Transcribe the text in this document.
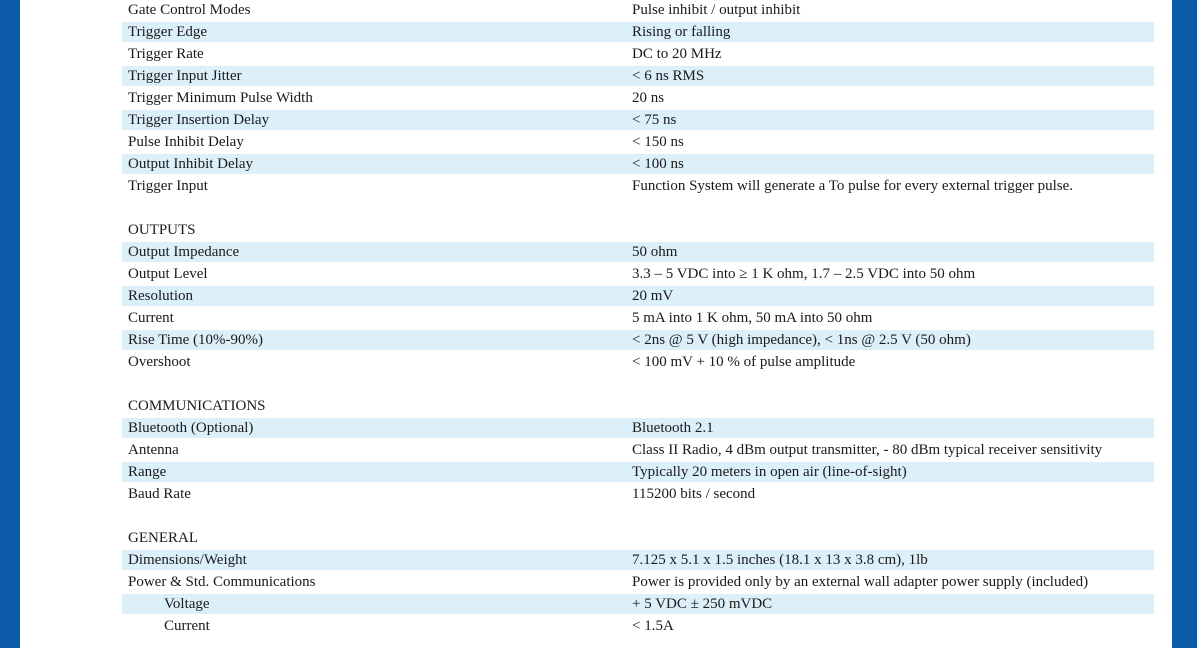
Gate Control Modes	Pulse inhibit / output inhibit
Trigger Edge	Rising or falling
Trigger Rate	DC to 20 MHz
Trigger Input Jitter	< 6 ns RMS
Trigger Minimum Pulse Width	20 ns
Trigger Insertion Delay	< 75 ns
Pulse Inhibit Delay	< 150 ns
Output Inhibit Delay	< 100 ns
Trigger Input	Function System will generate a To pulse for every external trigger pulse.
OUTPUTS
Output Impedance	50 ohm
Output Level	3.3 – 5 VDC into ≥ 1 K ohm, 1.7 – 2.5 VDC into 50 ohm
Resolution	20 mV
Current	5 mA into 1 K ohm, 50 mA into 50 ohm
Rise Time (10%-90%)	< 2ns @ 5 V (high impedance), < 1ns @ 2.5 V (50 ohm)
Overshoot	< 100 mV + 10 % of pulse amplitude
COMMUNICATIONS
Bluetooth (Optional)	Bluetooth 2.1
Antenna	Class II Radio, 4 dBm output transmitter, - 80 dBm typical receiver sensitivity
Range	Typically 20 meters in open air (line-of-sight)
Baud Rate	115200 bits / second
GENERAL
Dimensions/Weight	7.125 x 5.1 x 1.5 inches (18.1 x 13 x 3.8 cm), 1lb
Power & Std. Communications	Power is provided only by an external wall adapter power supply (included)
Voltage	+ 5 VDC ± 250 mVDC
Current	< 1.5A
